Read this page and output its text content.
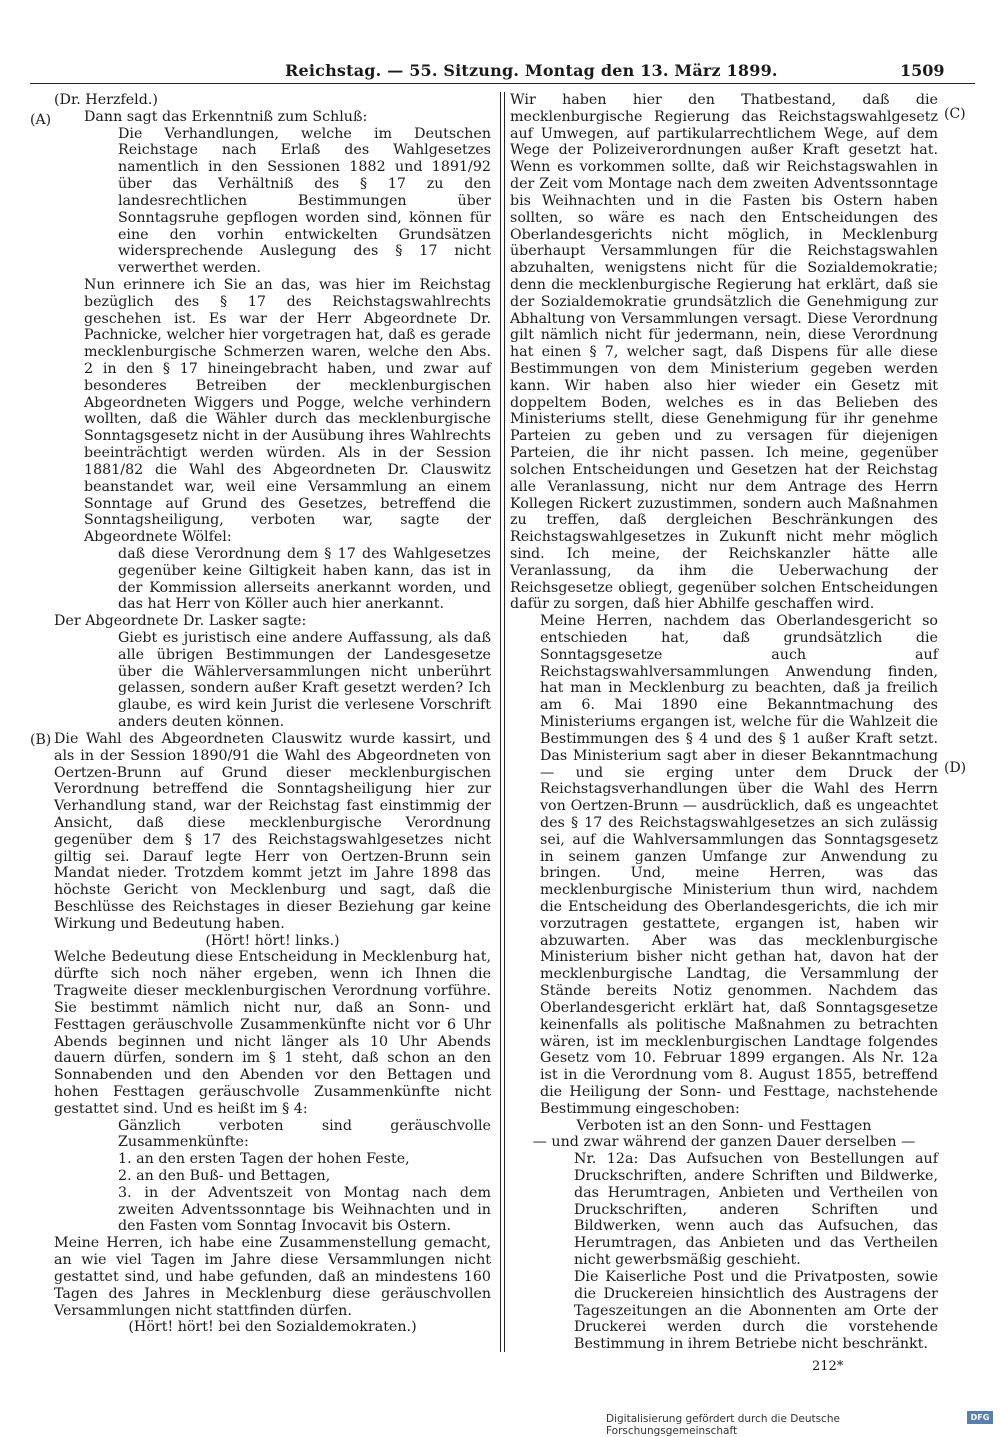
Reichstag. — 55. Sitzung. Montag den 13. März 1899.	1509
(A)
(B)
(C)
(D)

(Dr. Herzfeld.)

Dann sagt das Erkenntniß zum Schluß:

Die Verhandlungen, welche im Deutschen Reichstage nach Erlaß des Wahlgesetzes namentlich in den Sessionen 1882 und 1891/92 über das Verhältniß des § 17 zu den landesrechtlichen Bestimmungen über Sonntagsruhe gepflogen worden sind, können für eine den vorhin entwickelten Grundsätzen widersprechende Auslegung des § 17 nicht verwerthet werden.

Nun erinnere ich Sie an das, was hier im Reichstag bezüglich des § 17 des Reichstagswahlrechts geschehen ist. Es war der Herr Abgeordnete Dr. Pachnicke, welcher hier vorgetragen hat, daß es gerade mecklenburgische Schmerzen waren, welche den Abs. 2 in den § 17 hineingebracht haben, und zwar auf besonderes Betreiben der mecklenburgischen Abgeordneten Wiggers und Pogge, welche verhindern wollten, daß die Wähler durch das mecklenburgische Sonntagsgesetz nicht in der Ausübung ihres Wahlrechts beeinträchtigt werden würden. Als in der Session 1881/82 die Wahl des Abgeordneten Dr. Clauswitz beanstandet war, weil eine Versammlung an einem Sonntage auf Grund des Gesetzes, betreffend die Sonntagsheiligung, verboten war, sagte der Abgeordnete Wölfel:

daß diese Verordnung dem § 17 des Wahlgesetzes gegenüber keine Giltigkeit haben kann, das ist in der Kommission allerseits anerkannt worden, und das hat Herr von Köller auch hier anerkannt.

Der Abgeordnete Dr. Lasker sagte:

Giebt es juristisch eine andere Auffassung, als daß alle übrigen Bestimmungen der Landesgesetze über die Wählerversammlungen nicht unberührt gelassen, sondern außer Kraft gesetzt werden? Ich glaube, es wird kein Jurist die verlesene Vorschrift anders deuten können.

Die Wahl des Abgeordneten Clauswitz wurde kassirt, und als in der Session 1890/91 die Wahl des Abgeordneten von Oertzen-Brunn auf Grund dieser mecklenburgischen Verordnung betreffend die Sonntagsheiligung hier zur Verhandlung stand, war der Reichstag fast einstimmig der Ansicht, daß diese mecklenburgische Verordnung gegenüber dem § 17 des Reichstagswahlgesetzes nicht giltig sei. Darauf legte Herr von Oertzen-Brunn sein Mandat nieder. Trotzdem kommt jetzt im Jahre 1898 das höchste Gericht von Mecklenburg und sagt, daß die Beschlüsse des Reichstages in dieser Beziehung gar keine Wirkung und Bedeutung haben.

(Hört! hört! links.)

Welche Bedeutung diese Entscheidung in Mecklenburg hat, dürfte sich noch näher ergeben, wenn ich Ihnen die Tragweite dieser mecklenburgischen Verordnung vorführe. Sie bestimmt nämlich nicht nur, daß an Sonn- und Festtagen geräuschvolle Zusammenkünfte nicht vor 6 Uhr Abends beginnen und nicht länger als 10 Uhr Abends dauern dürfen, sondern im § 1 steht, daß schon an den Sonnabenden und den Abenden vor den Bettagen und hohen Festtagen geräuschvolle Zusammenkünfte nicht gestattet sind. Und es heißt im § 4:

Gänzlich verboten sind geräuschvolle Zusammenkünfte:
1. an den ersten Tagen der hohen Feste,
2. an den Buß- und Bettagen,
3. in der Adventszeit von Montag nach dem zweiten Adventssonntage bis Weihnachten und in den Fasten vom Sonntag Invocavit bis Ostern.

Meine Herren, ich habe eine Zusammenstellung gemacht, an wie viel Tagen im Jahre diese Versammlungen nicht gestattet sind, und habe gefunden, daß an mindestens 160 Tagen des Jahres in Mecklenburg diese geräuschvollen Versammlungen nicht stattfinden dürfen.

(Hört! hört! bei den Sozialdemokraten.)

Wir haben hier den Thatbestand, daß die mecklenburgische Regierung das Reichstagswahlgesetz auf Umwegen, auf partikularrechtlichem Wege, auf dem Wege der Polizeiverordnungen außer Kraft gesetzt hat. Wenn es vorkommen sollte, daß wir Reichstagswahlen in der Zeit vom Montage nach dem zweiten Adventssonntage bis Weihnachten und in die Fasten bis Ostern haben sollten, so wäre es nach den Entscheidungen des Oberlandesgerichts nicht möglich, in Mecklenburg überhaupt Versammlungen für die Reichstagswahlen abzuhalten, wenigstens nicht für die Sozialdemokratie; denn die mecklenburgische Regierung hat erklärt, daß sie der Sozialdemokratie grundsätzlich die Genehmigung zur Abhaltung von Versammlungen versagt. Diese Verordnung gilt nämlich nicht für jedermann, nein, diese Verordnung hat einen § 7, welcher sagt, daß Dispens für alle diese Bestimmungen von dem Ministerium gegeben werden kann. Wir haben also hier wieder ein Gesetz mit doppeltem Boden, welches es in das Belieben des Ministeriums stellt, diese Genehmigung für ihr genehme Parteien zu geben und zu versagen für diejenigen Parteien, die ihr nicht passen. Ich meine, gegenüber solchen Entscheidungen und Gesetzen hat der Reichstag alle Veranlassung, nicht nur dem Antrage des Herrn Kollegen Rickert zuzustimmen, sondern auch Maßnahmen zu treffen, daß dergleichen Beschränkungen des Reichstagswahlgesetzes in Zukunft nicht mehr möglich sind. Ich meine, der Reichskanzler hätte alle Veranlassung, da ihm die Ueberwachung der Reichsgesetze obliegt, gegenüber solchen Entscheidungen dafür zu sorgen, daß hier Abhilfe geschaffen wird.

Meine Herren, nachdem das Oberlandesgericht so entschieden hat, daß grundsätzlich die Sonntagsgesetze auch auf Reichstagswahlversammlungen Anwendung finden, hat man in Mecklenburg zu beachten, daß ja freilich am 6. Mai 1890 eine Bekanntmachung des Ministeriums ergangen ist, welche für die Wahlzeit die Bestimmungen des § 4 und des § 1 außer Kraft setzt. Das Ministerium sagt aber in dieser Bekanntmachung — und sie erging unter dem Druck der Reichstagsverhandlungen über die Wahl des Herrn von Oertzen-Brunn — ausdrücklich, daß es ungeachtet des § 17 des Reichstagswahlgesetzes an sich zulässig sei, auf die Wahlversammlungen das Sonntagsgesetz in seinem ganzen Umfange zur Anwendung zu bringen. Und, meine Herren, was das mecklenburgische Ministerium thun wird, nachdem die Entscheidung des Oberlandesgerichts, die ich mir vorzutragen gestattete, ergangen ist, haben wir abzuwarten. Aber was das mecklenburgische Ministerium bisher nicht gethan hat, davon hat der mecklenburgische Landtag, die Versammlung der Stände bereits Notiz genommen. Nachdem das Oberlandesgericht erklärt hat, daß Sonntagsgesetze keinenfalls als politische Maßnahmen zu betrachten wären, ist im mecklenburgischen Landtage folgendes Gesetz vom 10. Februar 1899 ergangen. Als Nr. 12a ist in die Verordnung vom 8. August 1855, betreffend die Heiligung der Sonn- und Festtage, nachstehende Bestimmung eingeschoben:

Verboten ist an den Sonn- und Festtagen
— und zwar während der ganzen Dauer derselben —

Nr. 12a: Das Aufsuchen von Bestellungen auf Druckschriften, andere Schriften und Bildwerke, das Herumtragen, Anbieten und Vertheilen von Druckschriften, anderen Schriften und Bildwerken, wenn auch das Aufsuchen, das Herumtragen, das Anbieten und das Vertheilen nicht gewerbsmäßig geschieht.

Die Kaiserliche Post und die Privatposten, sowie die Druckereien hinsichtlich des Austragens der Tageszeitungen an die Abonnenten am Orte der Druckerei werden durch die vorstehende Bestimmung in ihrem Betriebe nicht beschränkt.

212*
Digitalisierung gefördert durch die Deutsche Forschungsgemeinschaft
DFG
